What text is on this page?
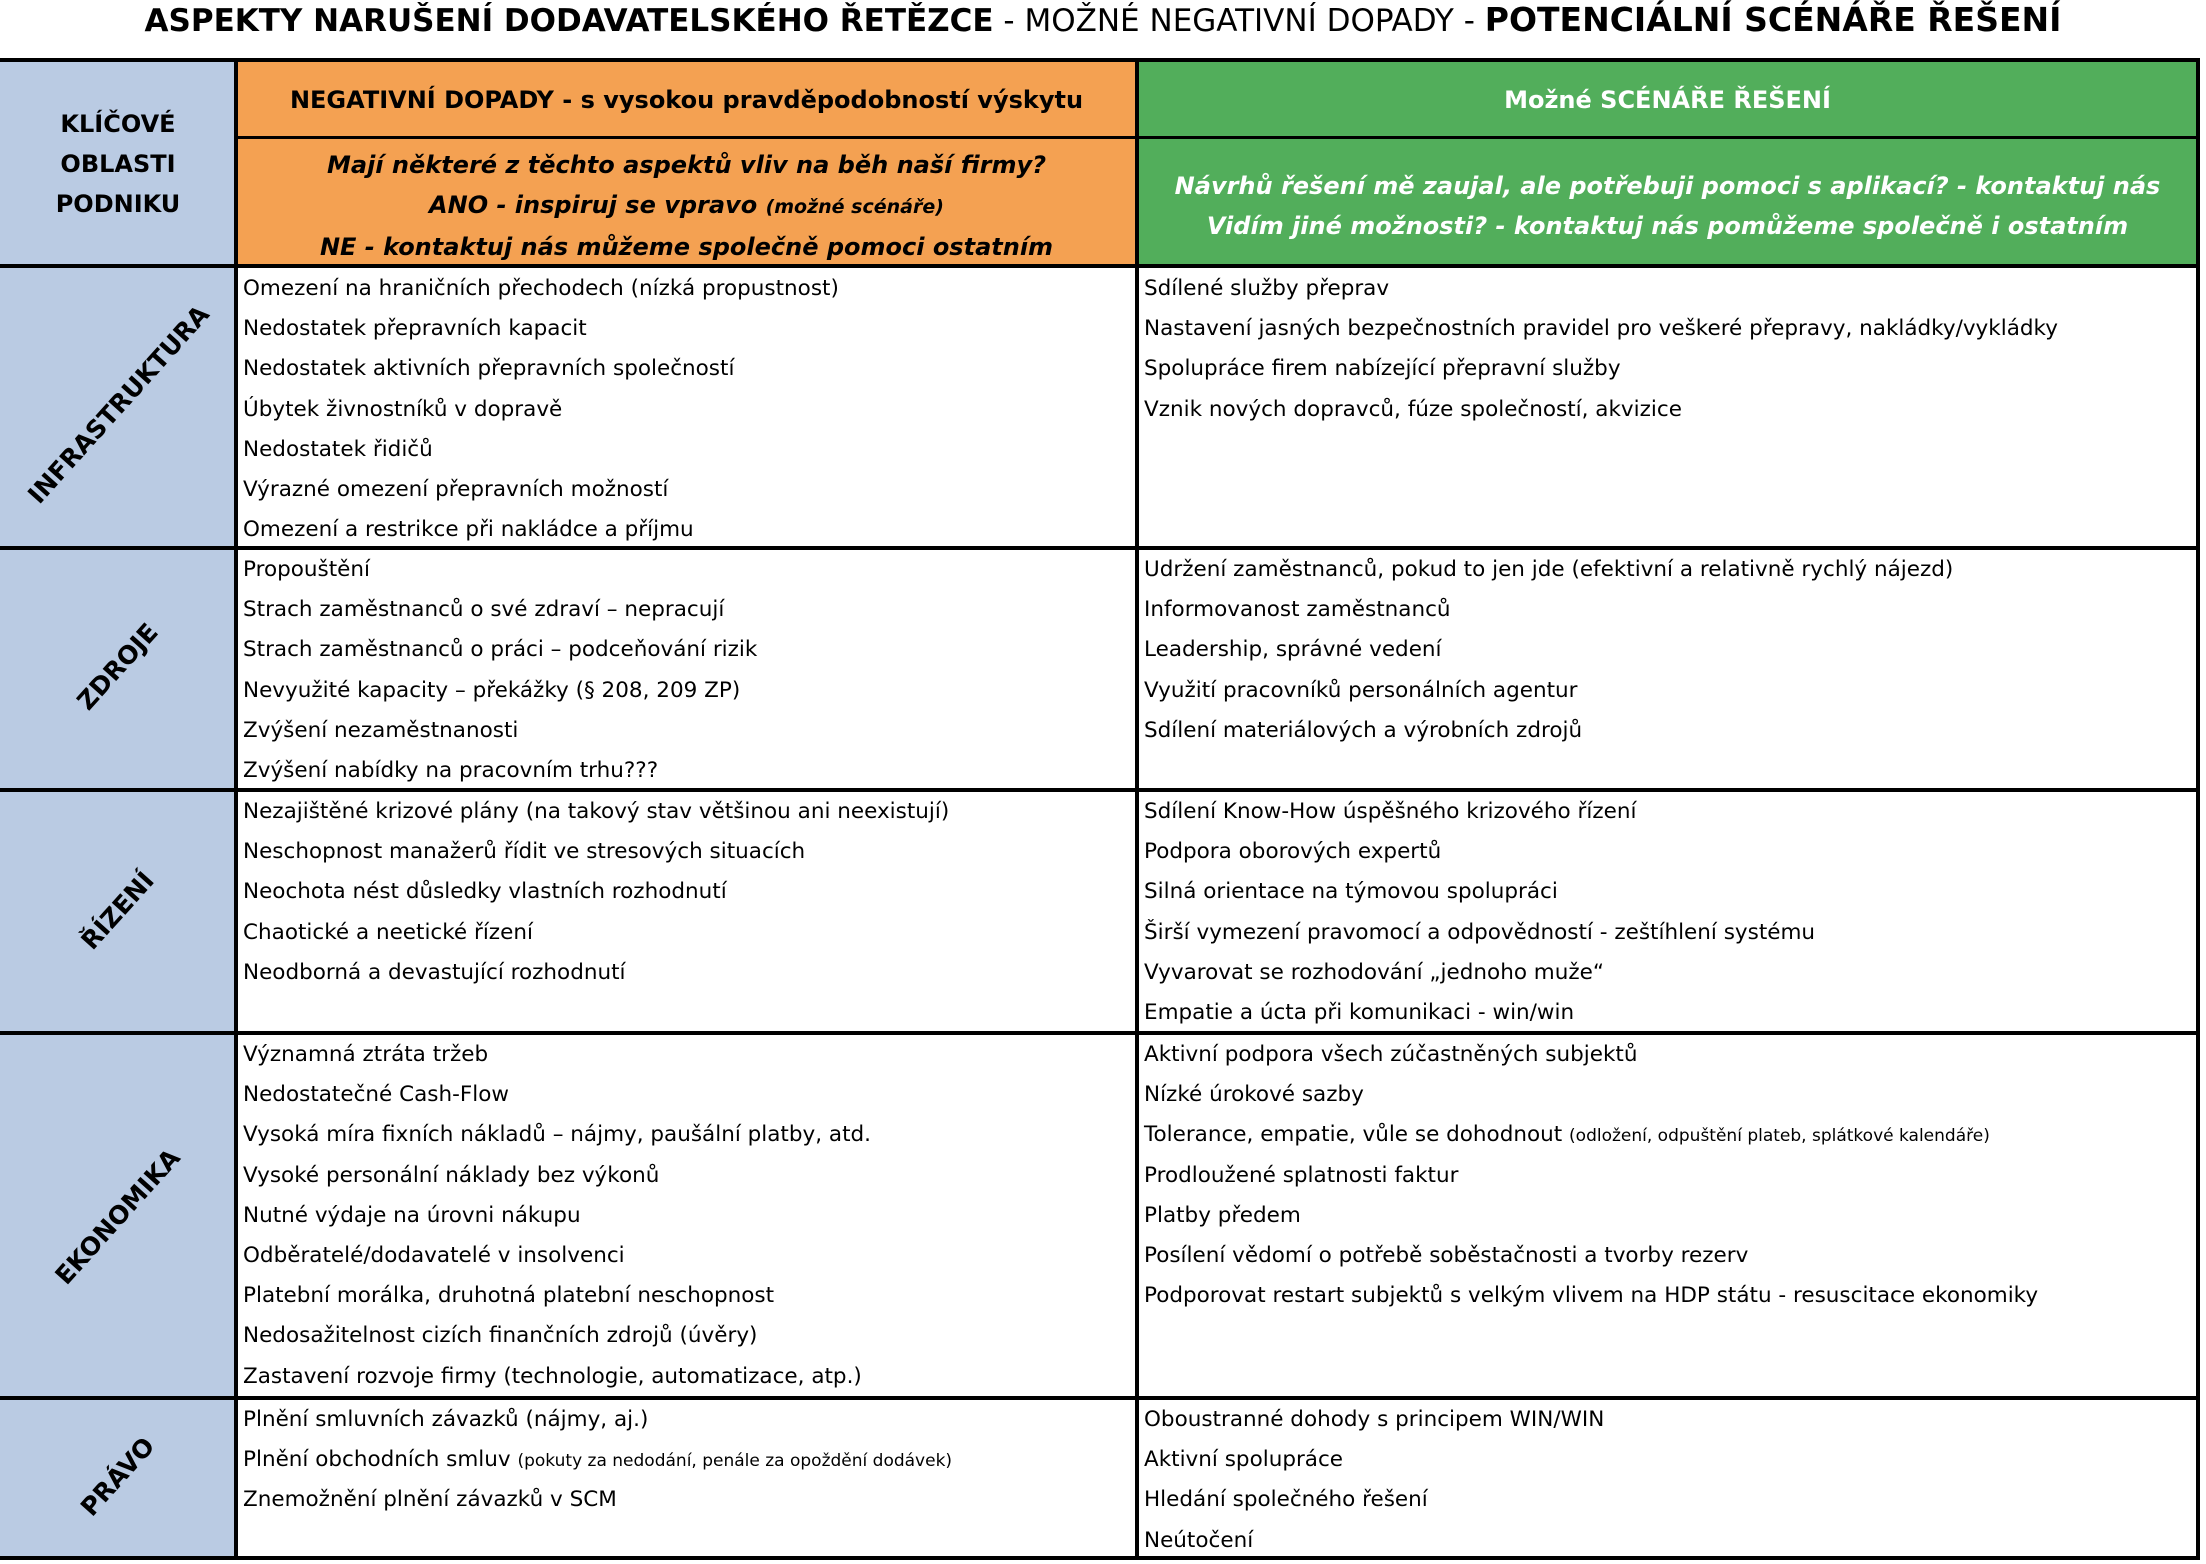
ASPEKTY NARUŠENÍ DODAVATELSKÉHO ŘETĚZCE - MOŽNÉ NEGATIVNÍ DOPADY - POTENCIÁLNÍ SCÉNÁŘE ŘEŠENÍ
KLÍČOVÉ OBLASTI PODNIKU
NEGATIVNÍ DOPADY - s vysokou pravděpodobností výskytu
Mají některé z těchto aspektů vliv na běh naší firmy?
ANO - inspiruj se vpravo (možné scénáře)
NE - kontaktuj nás můžeme společně pomoci ostatním
Možné SCÉNÁŘE ŘEŠENÍ
Návrhů řešení mě zaujal, ale potřebuji pomoci s aplikací? - kontaktuj nás
Vidím jiné možnosti? - kontaktuj nás pomůžeme společně i ostatním
INFRASTRUKTURA
Omezení na hraničních přechodech (nízká propustnost)
Nedostatek přepravních kapacit
Nedostatek aktivních přepravních společností
Úbytek živnostníků v dopravě
Nedostatek řidičů
Výrazné omezení přepravních možností
Omezení a restrikce při nakládce a příjmu
Sdílené služby přeprav
Nastavení jasných bezpečnostních pravidel pro veškeré přepravy, nakládky/vykládky
Spolupráce firem nabízející přepravní služby
Vznik nových dopravců, fúze společností, akvizice
ZDROJE
Propouštění
Strach zaměstnanců o své zdraví – nepracují
Strach zaměstnanců o práci – podceňování rizik
Nevyužité kapacity – překážky (§ 208, 209 ZP)
Zvýšení nezaměstnanosti
Zvýšení nabídky na pracovním trhu???
Udržení zaměstnanců, pokud to jen jde (efektivní a relativně rychlý nájezd)
Informovanost zaměstnanců
Leadership, správné vedení
Využití pracovníků personálních agentur
Sdílení materiálových a výrobních zdrojů
ŘÍZENÍ
Nezajištěné krizové plány (na takový stav většinou ani neexistují)
Neschopnost manažerů řídit ve stresových situacích
Neochota nést důsledky vlastních rozhodnutí
Chaotické a neetické řízení
Neodborná a devastující rozhodnutí
Sdílení Know-How úspěšného krizového řízení
Podpora oborových expertů
Silná orientace na týmovou spolupráci
Širší vymezení pravomocí a odpovědností - zeštíhlení systému
Vyvarovat se rozhodování „jednoho muže“
Empatie a úcta při komunikaci - win/win
EKONOMIKA
Významná ztráta tržeb
Nedostatečné Cash-Flow
Vysoká míra fixních nákladů – nájmy, paušální platby, atd.
Vysoké personální náklady bez výkonů
Nutné výdaje na úrovni nákupu
Odběratelé/dodavatelé v insolvenci
Platební morálka, druhotná platební neschopnost
Nedosažitelnost cizích finančních zdrojů (úvěry)
Zastavení rozvoje firmy (technologie, automatizace, atp.)
Aktivní podpora všech zúčastněných subjektů
Nízké úrokové sazby
Tolerance, empatie, vůle se dohodnout (odložení, odpuštění plateb, splátkové kalendáře)
Prodloužené splatnosti faktur
Platby předem
Posílení vědomí o potřebě soběstačnosti a tvorby rezerv
Podporovat restart subjektů s velkým vlivem na HDP státu - resuscitace ekonomiky
PRÁVO
Plnění smluvních závazků (nájmy, aj.)
Plnění obchodních smluv (pokuty za nedodání, penále za opoždění dodávek)
Znemožnění plnění závazků v SCM
Oboustranné dohody s principem WIN/WIN
Aktivní spolupráce
Hledání společného řešení
Neútočení
